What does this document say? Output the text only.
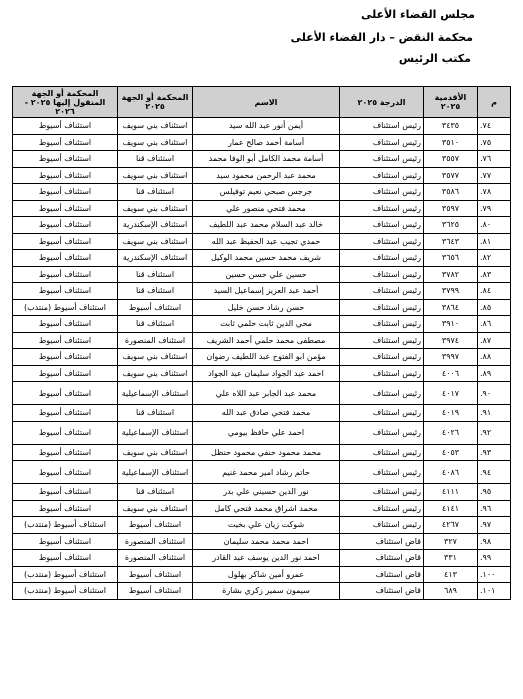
مجلس القضاء الأعلى
محكمة النقض – دار القضاء الأعلى
مكتب الرئيس
م	الأقدمية ٢٠٢٥	الدرجة ٢٠٢٥	الاسم	المحكمة أو الجهة ٢٠٢٥	المحكمة أو الجهة المنقول إليها ٢٠٢٥ - ٢٠٢٦
.٧٤	٣٤٣٥	رئيس استئناف	أيمن أنور عبد الله سيد	استئناف بني سويف	استئناف أسيوط
.٧٥	٣٥١٠	رئيس استئناف	أسامة أحمد صالح عمار	استئناف بني سويف	استئناف أسيوط
.٧٦	٣٥٥٧	رئيس استئناف	أسامة محمد الكامل أبو الوفا محمد	استئناف قنا	استئناف أسيوط
.٧٧	٣٥٧٧	رئيس استئناف	محمد عبد الرحمن محمود سيد	استئناف بني سويف	استئناف أسيوط
.٧٨	٣٥٨٦	رئيس استئناف	جرجس صبحي نعيم توفيلس	استئناف قنا	استئناف أسيوط
.٧٩	٣٥٩٧	رئيس استئناف	محمد فتحي منصور علي	استئناف بني سويف	استئناف أسيوط
.٨٠	٣٦٢٥	رئيس استئناف	خالد عبد السلام محمد عبد اللطيف	استئناف الإسكندرية	استئناف أسيوط
.٨١	٣٦٤٣	رئيس استئناف	حمدي تجيب عبد الحفيظ عبد الله	استئناف بني سويف	استئناف أسيوط
.٨٢	٣٦٥٦	رئيس استئناف	شريف محمد حسين محمد الوكيل	استئناف الإسكندرية	استئناف أسيوط
.٨٣	٣٧٨٢	رئيس استئناف	حسين علي حسن حسين	استئناف قنا	استئناف أسيوط
.٨٤	٣٧٩٩	رئيس استئناف	أحمد عبد العزيز إسماعيل السيد	استئناف قنا	استئناف أسيوط
.٨٥	٣٨٦٤	رئيس استئناف	حسن رشاد حسن خليل	استئناف أسيوط	استئناف أسيوط (منتدب)
.٨٦	٣٩١٠	رئيس استئناف	محي الدين ثابت حلمي ثابت	استئناف قنا	استئناف أسيوط
.٨٧	٣٩٧٤	رئيس استئناف	مصطفى محمد حلمي أحمد الشريف	استئناف المنصورة	استئناف أسيوط
.٨٨	٣٩٩٧	رئيس استئناف	مؤمن ابو الفتوح عبد اللطيف رضوان	استئناف بني سويف	استئناف أسيوط
.٨٩	٤٠٠٦	رئيس استئناف	احمد عبد الجواد سليمان عبد الجواد	استئناف بني سويف	استئناف أسيوط
.٩٠	٤٠١٧	رئيس استئناف	محمد عبد الجابر عبد اللاه علي	استئناف الإسماعيلية	استئناف أسيوط
.٩١	٤٠١٩	رئيس استئناف	محمد فتحي صادق عبد الله	استئناف قنا	استئناف أسيوط
.٩٢	٤٠٢٦	رئيس استئناف	احمد علي حافظ بيومي	استئناف الإسماعيلية	استئناف أسيوط
.٩٣	٤٠٥٣	رئيس استئناف	محمد محمود حنفي محمود حنظل	استئناف بني سويف	استئناف أسيوط
.٩٤	٤٠٨٦	رئيس استئناف	حاتم رشاد امير محمد غنيم	استئناف الإسماعيلية	استئناف أسيوط
.٩٥	٤١١١	رئيس استئناف	نور الدين حسيني علي بدر	استئناف قنا	استئناف أسيوط
.٩٦	٤١٤١	رئيس استئناف	محمد اشراق محمد فتحي كامل	استئناف بني سويف	استئناف أسيوط
.٩٧	٤٢٦٧	رئيس استئناف	شوكت زيان علي بخيت	استئناف أسيوط	استئناف أسيوط (منتدب)
.٩٨	٣٢٧	قاض استئناف	احمد محمد محمد سليمان	استئناف المنصورة	استئناف أسيوط
.٩٩	٣٣١	قاض استئناف	احمد نور الدين يوسف عبد القادر	استئناف المنصورة	استئناف أسيوط
.١٠٠	٤١٣	قاض استئناف	عمرو أمين شاكر بهلول	استئناف أسيوط	استئناف أسيوط (منتدب)
.١٠١	٦٨٩	قاض استئناف	سيمون سمير زكري بشارة	استئناف أسيوط	استئناف أسيوط (منتدب)
